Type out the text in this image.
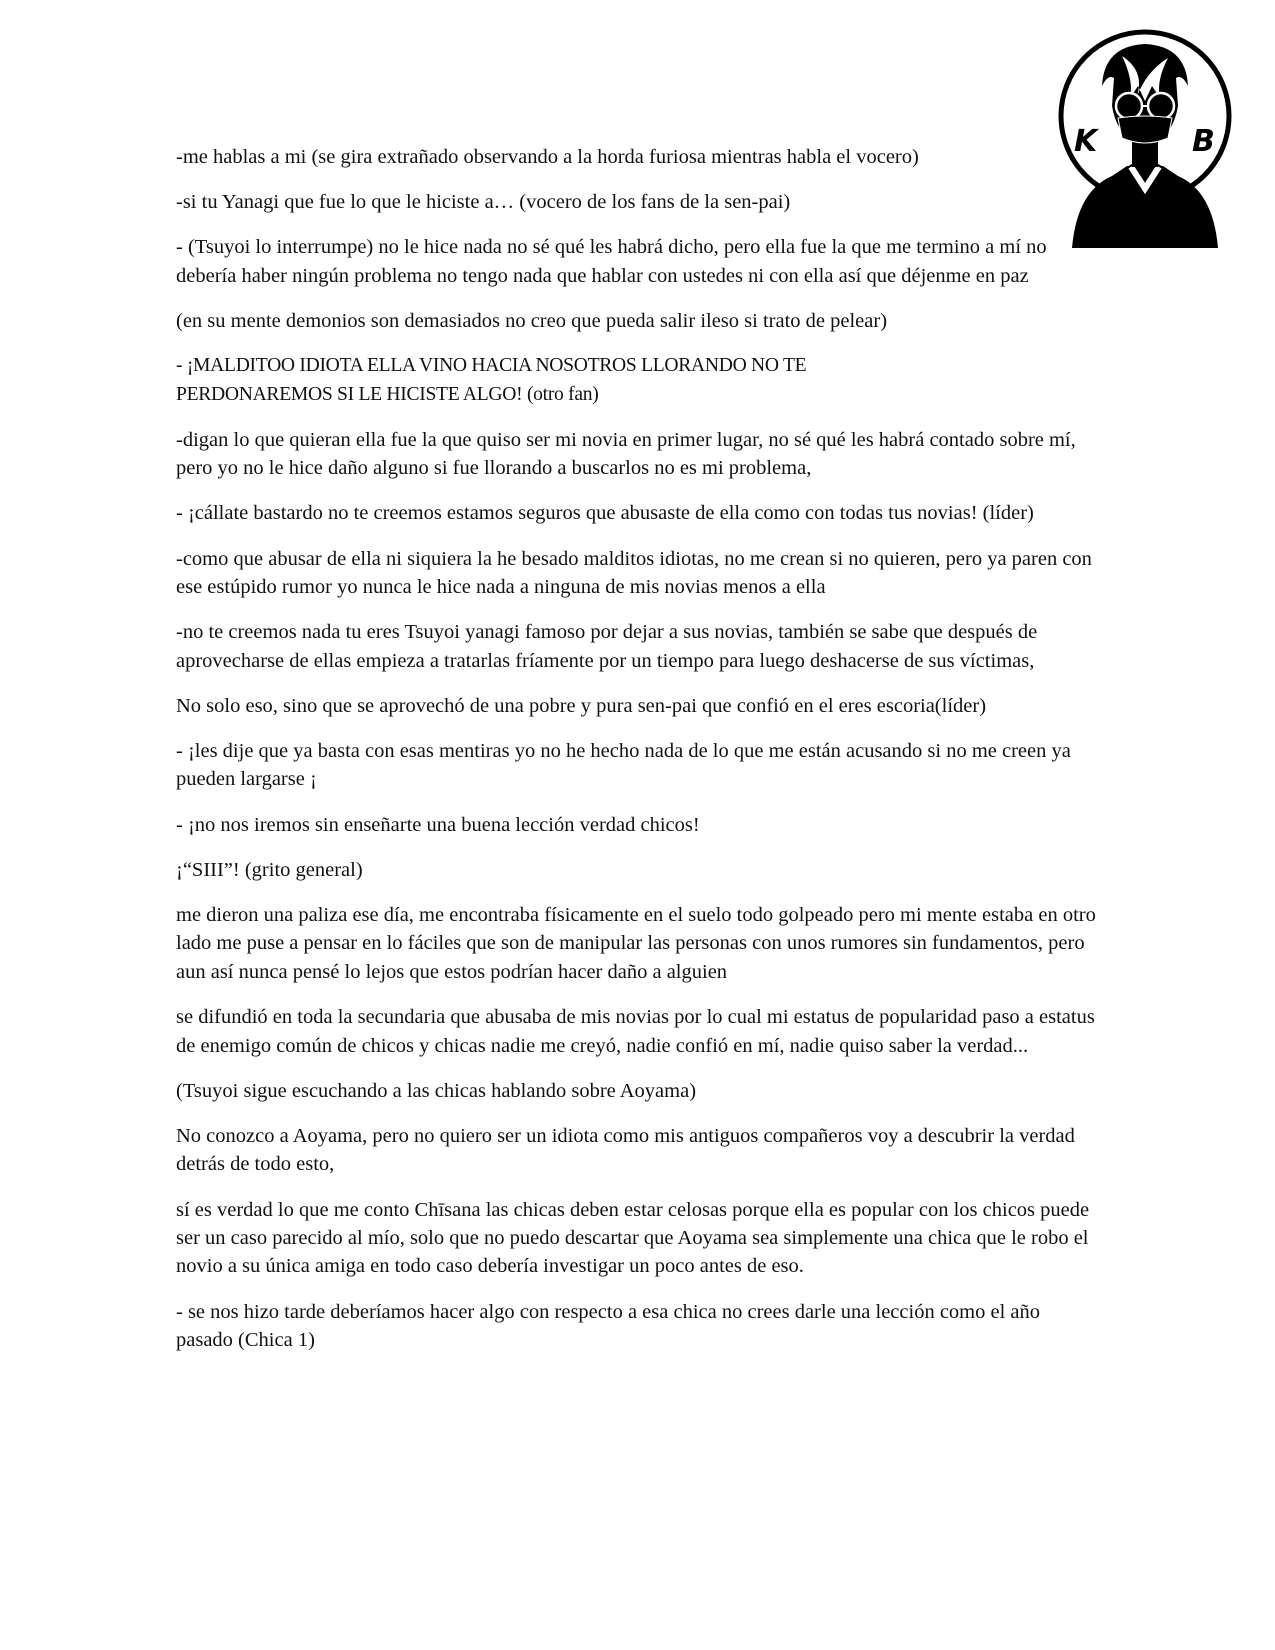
K	B

-me hablas a mi (se gira extrañado observando a la horda furiosa mientras habla el vocero)

-si tu Yanagi que fue lo que le hiciste a… (vocero de los fans de la sen-pai)

- (Tsuyoi lo interrumpe) no le hice nada no sé qué les habrá dicho, pero ella fue la que me termino a mí no debería haber ningún problema no tengo nada que hablar con ustedes ni con ella así que déjenme en paz

(en su mente demonios son demasiados no creo que pueda salir ileso si trato de pelear)

- ¡MALDITOO IDIOTA ELLA VINO HACIA NOSOTROS LLORANDO NO TE PERDONAREMOS SI LE HICISTE ALGO! (otro fan)

-digan lo que quieran ella fue la que quiso ser mi novia en primer lugar, no sé qué les habrá contado sobre mí, pero yo no le hice daño alguno si fue llorando a buscarlos no es mi problema,

- ¡cállate bastardo no te creemos estamos seguros que abusaste de ella como con todas tus novias! (líder)

-como que abusar de ella ni siquiera la he besado malditos idiotas, no me crean si no quieren, pero ya paren con ese estúpido rumor yo nunca le hice nada a ninguna de mis novias menos a ella

-no te creemos nada tu eres Tsuyoi yanagi famoso por dejar a sus novias, también se sabe que después de aprovecharse de ellas empieza a tratarlas fríamente por un tiempo para luego deshacerse de sus víctimas,

No solo eso, sino que se aprovechó de una pobre y pura sen-pai que confió en el eres escoria(líder)

- ¡les dije que ya basta con esas mentiras yo no he hecho nada de lo que me están acusando si no me creen ya pueden largarse ¡

- ¡no nos iremos sin enseñarte una buena lección verdad chicos!

¡“SIII”! (grito general)

me dieron una paliza ese día, me encontraba físicamente en el suelo todo golpeado pero mi mente estaba en otro lado me puse a pensar en lo fáciles que son de manipular las personas con unos rumores sin fundamentos, pero aun así nunca pensé lo lejos que estos podrían hacer daño a alguien

se difundió en toda la secundaria que abusaba de mis novias por lo cual mi estatus de popularidad paso a estatus de enemigo común de chicos y chicas nadie me creyó, nadie confió en mí, nadie quiso saber la verdad...

(Tsuyoi sigue escuchando a las chicas hablando sobre Aoyama)

No conozco a Aoyama, pero no quiero ser un idiota como mis antiguos compañeros voy a descubrir la verdad detrás de todo esto,

sí es verdad lo que me conto Chīsana las chicas deben estar celosas porque ella es popular con los chicos puede ser un caso parecido al mío, solo que no puedo descartar que Aoyama sea simplemente una chica que le robo el novio a su única amiga en todo caso debería investigar un poco antes de eso.

- se nos hizo tarde deberíamos hacer algo con respecto a esa chica no crees darle una lección como el año pasado (Chica 1)
